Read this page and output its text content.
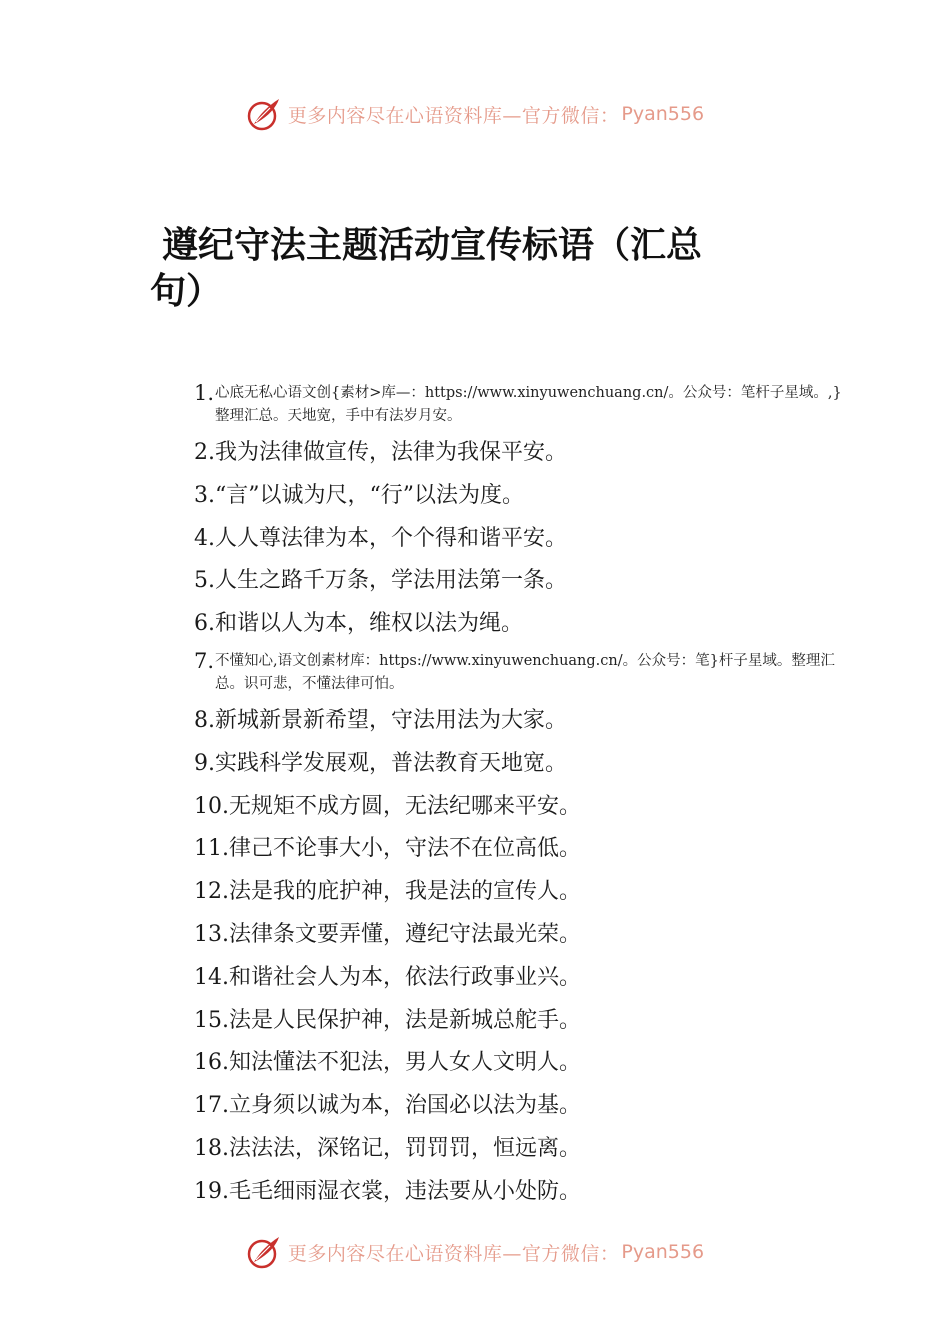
更多内容尽在心语资料库—官方微信： Pyan556
遵纪守法主题活动宣传标语（汇总
句）
1. 心底无私心语文创{素材>库—：https://www.xinyuwenchuang.cn/。公众号：笔杆子星域。,}整理汇总。天地宽，手中有法岁月安。
2.我为法律做宣传，法律为我保平安。
3.“言”以诚为尺，“行”以法为度。
4.人人尊法律为本，个个得和谐平安。
5.人生之路千万条，学法用法第一条。
6.和谐以人为本，维权以法为绳。
7. 不懂知心,语文创素材库：https://www.xinyuwenchuang.cn/。公众号：笔}杆子星域。整理汇总。识可悲，不懂法律可怕。
8.新城新景新希望，守法用法为大家。
9.实践科学发展观，普法教育天地宽。
10.无规矩不成方圆，无法纪哪来平安。
11.律己不论事大小，守法不在位高低。
12.法是我的庇护神，我是法的宣传人。
13.法律条文要弄懂，遵纪守法最光荣。
14.和谐社会人为本，依法行政事业兴。
15.法是人民保护神，法是新城总舵手。
16.知法懂法不犯法，男人女人文明人。
17.立身须以诚为本，治国必以法为基。
18.法法法，深铭记，罚罚罚，恒远离。
19.毛毛细雨湿衣裳，违法要从小处防。
更多内容尽在心语资料库—官方微信： Pyan556
